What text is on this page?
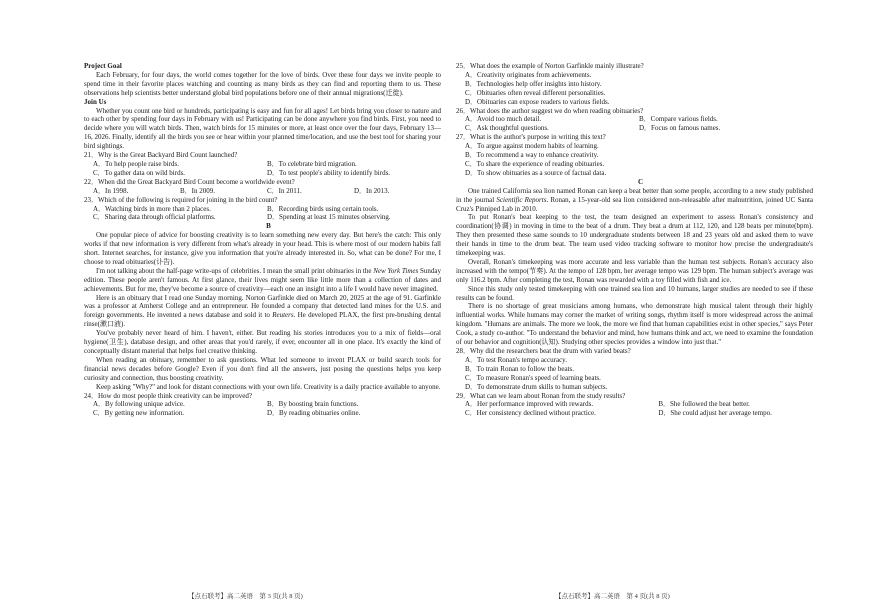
Project Goal

Each February, for four days, the world comes together for the love of birds. Over these four days we invite people to spend time in their favorite places watching and counting as many birds as they can find and reporting them to us. These observations help scientists better understand global bird populations before one of their annual migrations(迁徙).

Join Us

Whether you count one bird or hundreds, participating is easy and fun for all ages! Let birds bring you closer to nature and to each other by spending four days in February with us! Participating can be done anywhere you find birds. First, you need to decide where you will watch birds. Then, watch birds for 15 minutes or more, at least once over the four days, February 13—16, 2026. Finally, identify all the birds you see or hear within your planned time/location, and use the best tool for sharing your bird sightings.

21．Why is the Great Backyard Bird Count launched?
A．To help people raise birds.	B．To celebrate bird migration.
C．To gather data on wild birds.	D．To test people's ability to identify birds.
22．When did the Great Backyard Bird Count become a worldwide event?
A．In 1998.	B．In 2009.	C．In 2011.	D．In 2013.
23．Which of the following is required for joining in the bird count?
A．Watching birds in more than 2 places.	B．Recording birds using certain tools.
C．Sharing data through official platforms.	D．Spending at least 15 minutes observing.

B

One popular piece of advice for boosting creativity is to learn something new every day. But here's the catch: This only works if that new information is very different from what's already in your head. This is where most of our modern habits fall short. Internet searches, for instance, give you information that you're already interested in. So, what can be done? For me, I choose to read obituaries(讣告).

I'm not talking about the half-page write-ups of celebrities. I mean the small print obituaries in the New York Times Sunday edition. These people aren't famous. At first glance, their lives might seem like little more than a collection of dates and achievements. But for me, they've become a source of creativity—each one an insight into a life I would have never imagined.

Here is an obituary that I read one Sunday morning. Norton Garfinkle died on March 20, 2025 at the age of 91. Garfinkle was a professor at Amherst College and an entrepreneur. He founded a company that detected land mines for the U.S. and foreign governments. He invented a news database and sold it to Reuters. He developed PLAX, the first pre-brushing dental rinse(漱口液).

You've probably never heard of him. I haven't, either. But reading his stories introduces you to a mix of fields—oral hygiene(卫生), database design, and other areas that you'd rarely, if ever, encounter all in one place. It's exactly the kind of conceptually distant material that helps fuel creative thinking.

When reading an obituary, remember to ask questions. What led someone to invent PLAX or build search tools for financial news decades before Google? Even if you don't find all the answers, just posing the questions helps you keep curiosity and connection, thus boosting creativity.

Keep asking "Why?" and look for distant connections with your own life. Creativity is a daily practice available to anyone.

24．How do most people think creativity can be improved?
A．By following unique advice.	B．By boosting brain functions.
C．By getting new information.	D．By reading obituaries online.
25．What does the example of Norton Garfinkle mainly illustrate?
A．Creativity originates from achievements.
B．Technologies help offer insights into history.
C．Obituaries often reveal different personalities.
D．Obituaries can expose readers to various fields.
26．What does the author suggest we do when reading obituaries?
A．Avoid too much detail.	B．Compare various fields.
C．Ask thoughtful questions.	D．Focus on famous names.
27．What is the author's purpose in writing this text?
A．To argue against modern habits of learning.
B．To recommend a way to enhance creativity.
C．To share the experience of reading obituaries.
D．To show obituaries as a source of factual data.

C

One trained California sea lion named Ronan can keep a beat better than some people, according to a new study published in the journal Scientific Reports. Ronan, a 15-year-old sea lion considered non-releasable after malnutrition, joined UC Santa Cruz's Pinniped Lab in 2010.

To put Ronan's beat keeping to the test, the team designed an experiment to assess Ronan's consistency and coordination(协调) in moving in time to the beat of a drum. They beat a drum at 112, 120, and 128 beats per minute(bpm). They then presented these same sounds to 10 undergraduate students between 18 and 23 years old and asked them to wave their hands in time to the drum beat. The team used video tracking software to monitor how precise the undergraduate's timekeeping was.

Overall, Ronan's timekeeping was more accurate and less variable than the human test subjects. Ronan's accuracy also increased with the tempo(节奏). At the tempo of 128 bpm, her average tempo was 129 bpm. The human subject's average was only 116.2 bpm. After completing the test, Ronan was rewarded with a toy filled with fish and ice.

Since this study only tested timekeeping with one trained sea lion and 10 humans, larger studies are needed to see if these results can be found.

There is no shortage of great musicians among humans, who demonstrate high musical talent through their highly influential works. While humans may corner the market of writing songs, rhythm itself is more widespread across the animal kingdom. "Humans are animals. The more we look, the more we find that human capabilities exist in other species," says Peter Cook, a study co-author. "To understand the behavior and mind, how humans think and act, we need to examine the foundation of our behavior and cognition(认知). Studying other species provides a window into just that."

28．Why did the researchers beat the drum with varied beats?
A．To test Ronan's tempo accuracy.
B．To train Ronan to follow the beats.
C．To measure Ronan's speed of learning beats.
D．To demonstrate drum skills to human subjects.
29．What can we learn about Ronan from the study results?
A．Her performance improved with rewards.	B．She followed the beat better.
C．Her consistency declined without practice.	D．She could adjust her average tempo.
【点石联考】高二英语　第 3 页(共 8 页)	【点石联考】高二英语　第 4 页(共 8 页)
